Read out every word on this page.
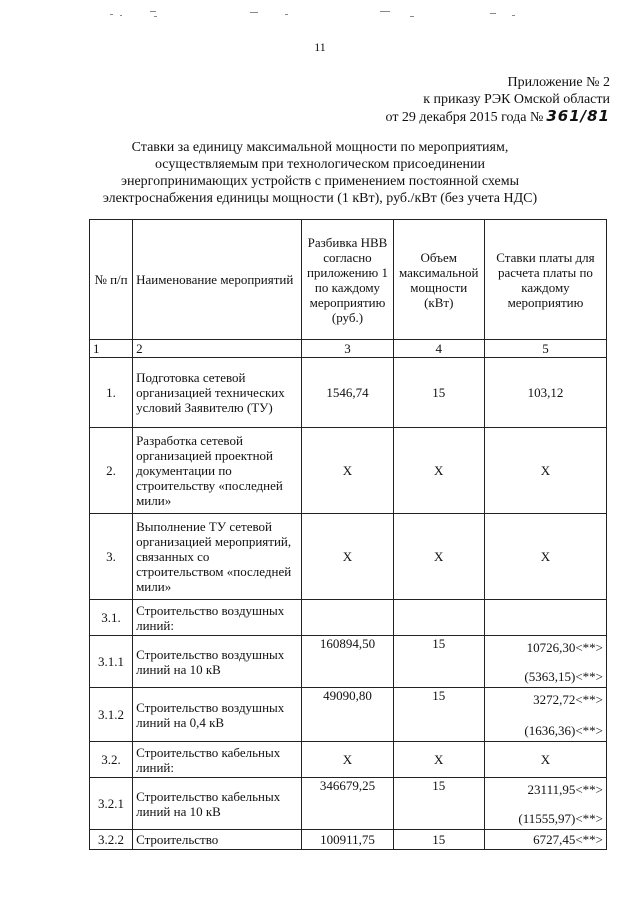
11
Приложение № 2
к приказу РЭК Омской области
от 29 декабря 2015 года № 361/81
Ставки за единицу максимальной мощности по мероприятиям, осуществляемым при технологическом присоединении энергопринимающих устройств с применением постоянной схемы электроснабжения единицы мощности (1 кВт), руб./кВт (без учета НДС)
№ п/п	Наименование мероприятий	Разбивка НВВ согласно приложению 1 по каждому мероприятию (руб.)	Объем максимальной мощности (кВт)	Ставки платы для расчета платы по каждому мероприятию
1	2	3	4	5
1.	Подготовка сетевой организацией технических условий Заявителю (ТУ)	1546,74	15	103,12
2.	Разработка сетевой организацией проектной документации по строительству «последней мили»	Х	Х	Х
3.	Выполнение ТУ сетевой организацией мероприятий, связанных со строительством «последней мили»	Х	Х	Х
3.1.	Строительство воздушных линий:			
3.1.1	Строительство воздушных линий на 10 кВ	160894,50	15	10726,30<**>
(5363,15)<**>

3.1.2	Строительство воздушных линий на 0,4 кВ	49090,80	15	3272,72<**>
(1636,36)<**>

3.2.	Строительство кабельных линий:	Х	Х	Х
3.2.1	Строительство кабельных линий на 10 кВ	346679,25	15	23111,95<**>
(11555,97)<**>

3.2.2	Строительство	100911,75	15	6727,45<**>
